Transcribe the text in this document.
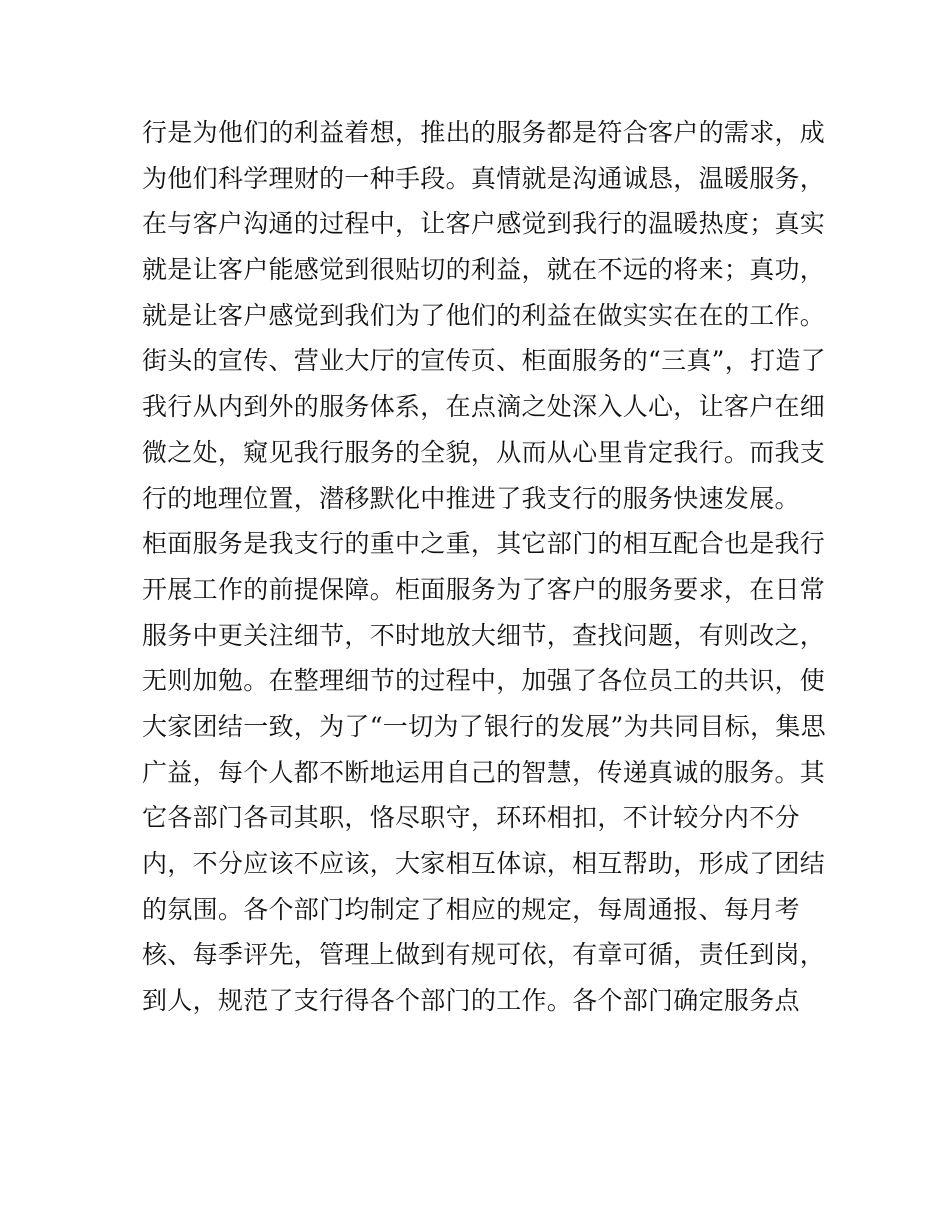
行是为他们的利益着想，推出的服务都是符合客户的需求，成
为他们科学理财的一种手段。真情就是沟通诚恳，温暖服务，
在与客户沟通的过程中，让客户感觉到我行的温暖热度；真实
就是让客户能感觉到很贴切的利益，就在不远的将来；真功，
就是让客户感觉到我们为了他们的利益在做实实在在的工作。
街头的宣传、营业大厅的宣传页、柜面服务的“三真”，打造了
我行从内到外的服务体系，在点滴之处深入人心，让客户在细
微之处，窥见我行服务的全貌，从而从心里肯定我行。而我支
行的地理位置，潜移默化中推进了我支行的服务快速发展。
柜面服务是我支行的重中之重，其它部门的相互配合也是我行
开展工作的前提保障。柜面服务为了客户的服务要求，在日常
服务中更关注细节，不时地放大细节，查找问题，有则改之，
无则加勉。在整理细节的过程中，加强了各位员工的共识，使
大家团结一致，为了“一切为了银行的发展”为共同目标，集思
广益，每个人都不断地运用自己的智慧，传递真诚的服务。其
它各部门各司其职，恪尽职守，环环相扣，不计较分内不分
内，不分应该不应该，大家相互体谅，相互帮助，形成了团结
的氛围。各个部门均制定了相应的规定，每周通报、每月考
核、每季评先，管理上做到有规可依，有章可循，责任到岗，
到人，规范了支行得各个部门的工作。各个部门确定服务点
